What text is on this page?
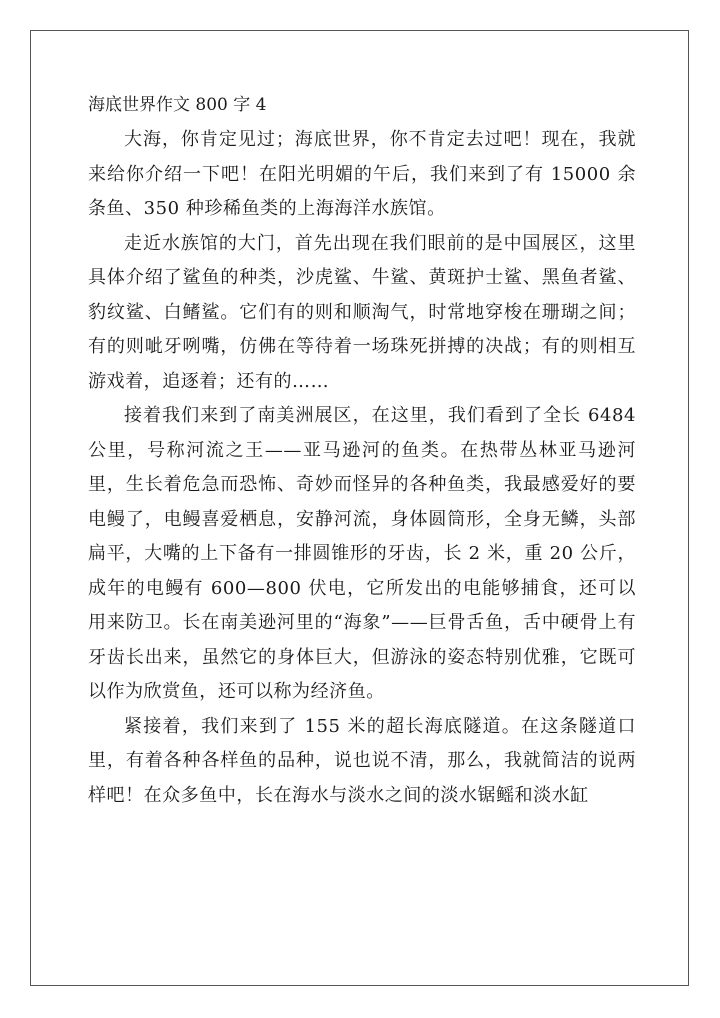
海底世界作文 800 字 4

大海，你肯定见过；海底世界，你不肯定去过吧！现在，我就来给你介绍一下吧！在阳光明媚的午后，我们来到了有 15000 余条鱼、350 种珍稀鱼类的上海海洋水族馆。

走近水族馆的大门，首先出现在我们眼前的是中国展区，这里具体介绍了鲨鱼的种类，沙虎鲨、牛鲨、黄斑护士鲨、黑鱼者鲨、豹纹鲨、白鳍鲨。它们有的则和顺淘气，时常地穿梭在珊瑚之间；有的则呲牙咧嘴，仿佛在等待着一场珠死拼搏的决战；有的则相互游戏着，追逐着；还有的……

接着我们来到了南美洲展区，在这里，我们看到了全长 6484 公里，号称河流之王——亚马逊河的鱼类。在热带丛林亚马逊河里，生长着危急而恐怖、奇妙而怪异的各种鱼类，我最感爱好的要电鳗了，电鳗喜爱栖息，安静河流，身体圆筒形，全身无鳞，头部扁平，大嘴的上下备有一排圆锥形的牙齿，长 2 米，重 20 公斤，成年的电鳗有 600—800 伏电，它所发出的电能够捕食，还可以用来防卫。长在南美逊河里的“海象”——巨骨舌鱼，舌中硬骨上有牙齿长出来，虽然它的身体巨大，但游泳的姿态特别优雅，它既可以作为欣赏鱼，还可以称为经济鱼。

紧接着，我们来到了 155 米的超长海底隧道。在这条隧道口里，有着各种各样鱼的品种，说也说不清，那么，我就简洁的说两样吧！在众多鱼中，长在海水与淡水之间的淡水锯鳐和淡水缸
